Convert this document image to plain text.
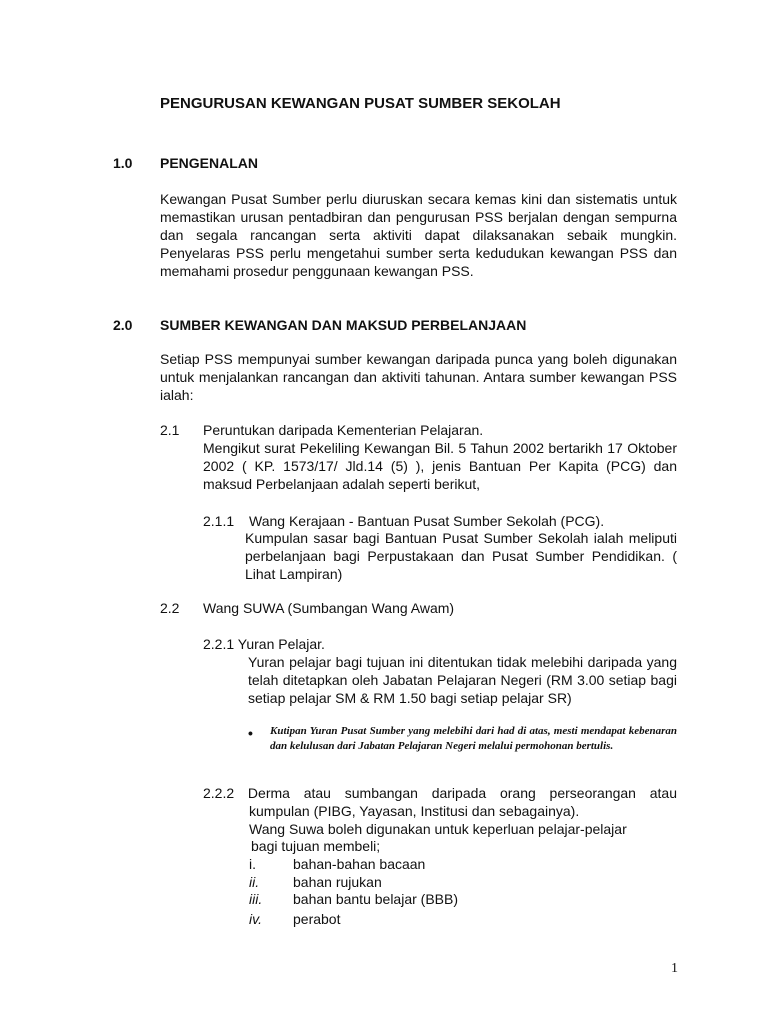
PENGURUSAN KEWANGAN PUSAT SUMBER SEKOLAH
1.0 PENGENALAN
Kewangan Pusat Sumber perlu diuruskan secara kemas kini dan sistematis untuk memastikan urusan pentadbiran dan pengurusan PSS berjalan dengan sempurna dan segala rancangan serta aktiviti dapat dilaksanakan sebaik mungkin. Penyelaras PSS perlu mengetahui sumber serta kedudukan kewangan PSS dan memahami prosedur penggunaan kewangan PSS.
2.0 SUMBER KEWANGAN DAN MAKSUD PERBELANJAAN
Setiap PSS mempunyai sumber kewangan daripada punca yang boleh digunakan untuk menjalankan rancangan dan aktiviti tahunan. Antara sumber kewangan PSS ialah:
2.1 Peruntukan daripada Kementerian Pelajaran.
Mengikut surat Pekeliling Kewangan Bil. 5 Tahun 2002 bertarikh 17 Oktober 2002 ( KP. 1573/17/ Jld.14 (5) ), jenis Bantuan Per Kapita (PCG) dan maksud Perbelanjaan adalah seperti berikut,
2.1.1 Wang Kerajaan - Bantuan Pusat Sumber Sekolah (PCG).
Kumpulan sasar bagi Bantuan Pusat Sumber Sekolah ialah meliputi perbelanjaan bagi Perpustakaan dan Pusat Sumber Pendidikan. ( Lihat Lampiran)
2.2 Wang SUWA (Sumbangan Wang Awam)
2.2.1 Yuran Pelajar.
Yuran pelajar bagi tujuan ini ditentukan tidak melebihi daripada yang telah ditetapkan oleh Jabatan Pelajaran Negeri (RM 3.00 setiap bagi setiap pelajar SM & RM 1.50 bagi setiap pelajar SR)
• Kutipan Yuran Pusat Sumber yang melebihi dari had di atas, mesti mendapat kebenaran dan kelulusan dari Jabatan Pelajaran Negeri melalui permohonan bertulis.
2.2.2 Derma atau sumbangan daripada orang perseorangan atau
kumpulan (PIBG, Yayasan, Institusi dan sebagainya).
Wang Suwa boleh digunakan untuk keperluan pelajar-pelajar
bagi tujuan membeli;
i.	bahan-bahan bacaan
ii. bahan rujukan
iii. bahan bantu belajar (BBB)
iv. perabot
1
